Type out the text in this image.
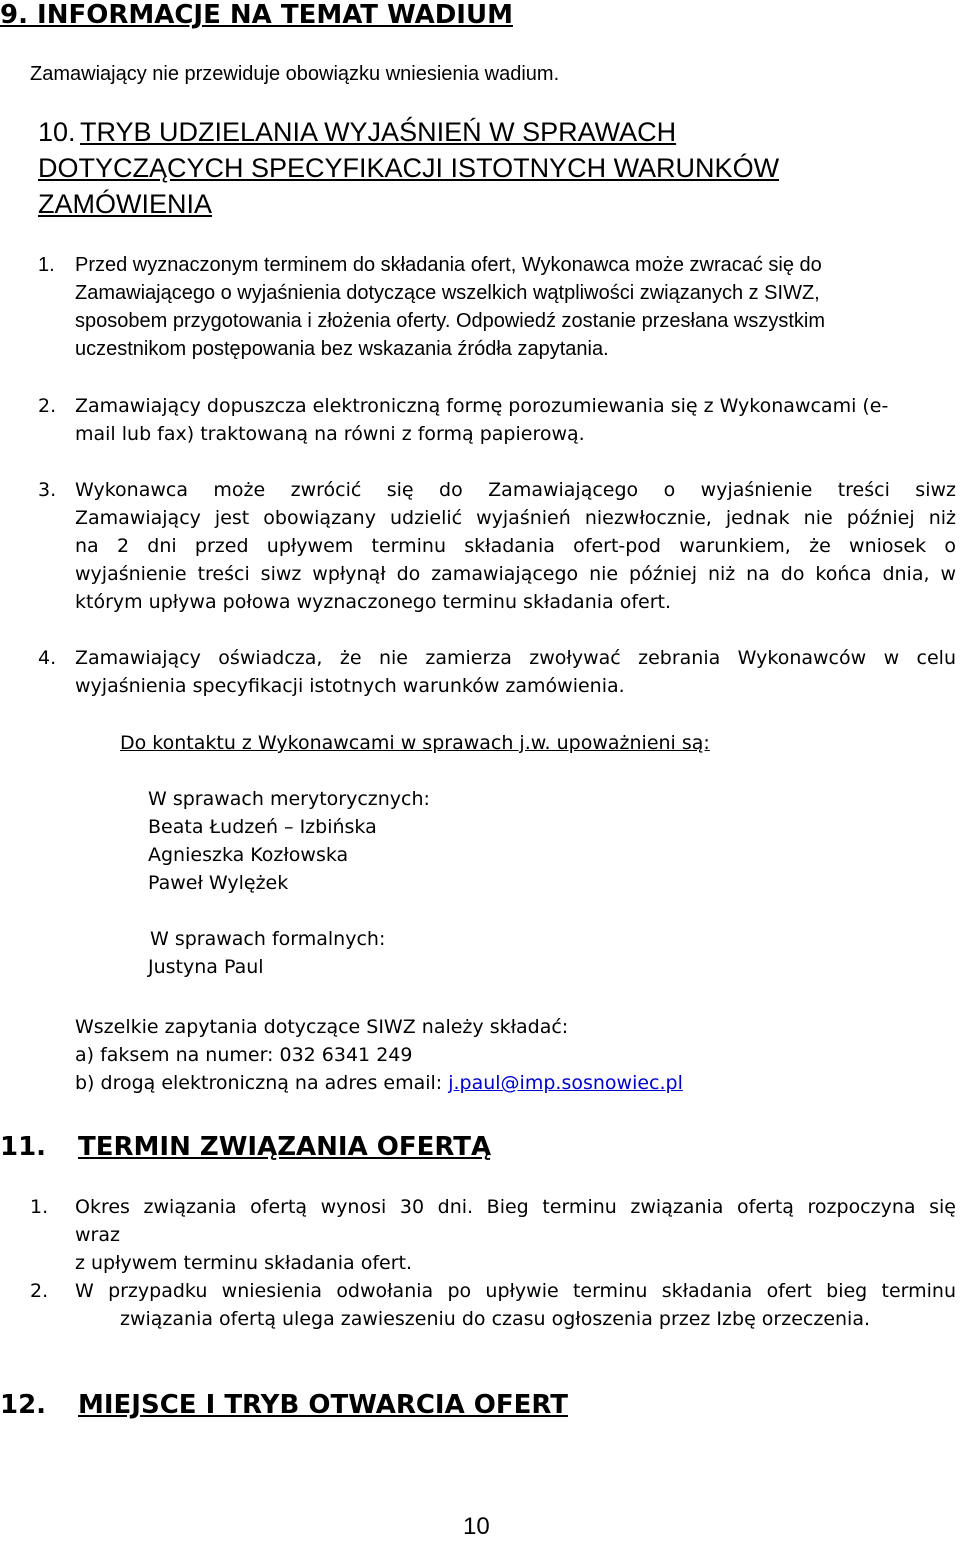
9. INFORMACJE NA TEMAT WADIUM
Zamawiający nie przewiduje obowiązku wniesienia wadium.
10. TRYB UDZIELANIA WYJAŚNIEŃ W SPRAWACH
DOTYCZĄCYCH SPECYFIKACJI ISTOTNYCH WARUNKÓW
ZAMÓWIENIA
1. Przed wyznaczonym terminem do składania ofert, Wykonawca może zwracać się do
Zamawiającego o wyjaśnienia dotyczące wszelkich wątpliwości związanych z SIWZ,
sposobem przygotowania i złożenia oferty. Odpowiedź zostanie przesłana wszystkim
uczestnikom postępowania bez wskazania źródła zapytania.
2. Zamawiający dopuszcza elektroniczną formę porozumiewania się z Wykonawcami (e-
mail lub fax) traktowaną na równi z formą papierową.
3. Wykonawca może zwrócić się do Zamawiającego o wyjaśnienie treści siwz
Zamawiający jest obowiązany udzielić wyjaśnień niezwłocznie, jednak nie później niż
na 2 dni przed upływem terminu składania ofert-pod warunkiem, że wniosek o
wyjaśnienie treści siwz wpłynął do zamawiającego nie później niż na do końca dnia, w
którym upływa połowa wyznaczonego terminu składania ofert.
4. Zamawiający oświadcza, że nie zamierza zwoływać zebrania Wykonawców w celu
wyjaśnienia specyfikacji istotnych warunków zamówienia.
Do kontaktu z Wykonawcami w sprawach j.w. upoważnieni są:
W sprawach merytorycznych:
Beata Łudzeń – Izbińska
Agnieszka Kozłowska
Paweł Wylężek
W sprawach formalnych:
Justyna Paul
Wszelkie zapytania dotyczące SIWZ należy składać:
a) faksem na numer: 032 6341 249
b) drogą elektroniczną na adres email: j.paul@imp.sosnowiec.pl
11. TERMIN ZWIĄZANIA OFERTĄ
1. Okres związania ofertą wynosi 30 dni. Bieg terminu związania ofertą rozpoczyna się
wraz
z upływem terminu składania ofert.
2. W przypadku wniesienia odwołania po upływie terminu składania ofert bieg terminu
związania ofertą ulega zawieszeniu do czasu ogłoszenia przez Izbę orzeczenia.
12. MIEJSCE I TRYB OTWARCIA OFERT
10
